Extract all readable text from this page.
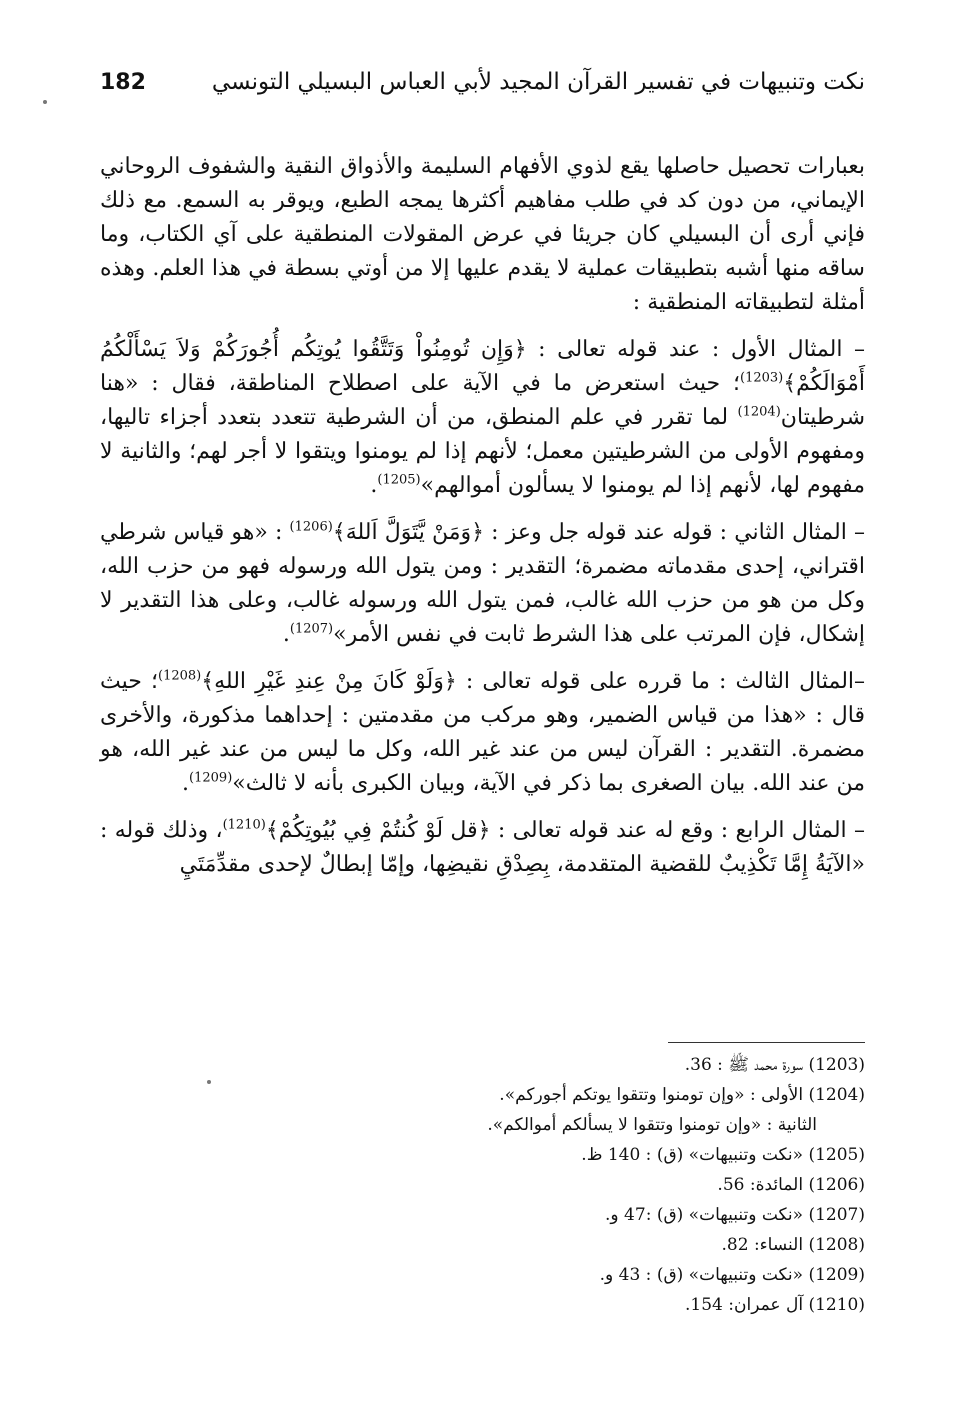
نكت وتنبيهات في تفسير القرآن المجيد لأبي العباس البسيلي التونسي
182

بعبارات تحصيل حاصلها يقع لذوي الأفهام السليمة والأذواق النقية والشفوف الروحاني الإيماني، من دون كد في طلب مفاهيم أكثرها يمجه الطبع، ويوقر به السمع. مع ذلك فإني أرى أن البسيلي كان جريئا في عرض المقولات المنطقية على آي الكتاب، وما ساقه منها أشبه بتطبيقات عملية لا يقدم عليها إلا من أوتي بسطة في هذا العلم. وهذه أمثلة لتطبيقاته المنطقية :

– المثال الأول : عند قوله تعالى : ﴿وَإِن تُومِنُواْ وَتَتَّقُوا يُوتِكُم أُجُورَكُمْ وَلاَ يَسْأَلْكُمُ أَمْوَالَكُمْ﴾$^{(1203)}$؛ حيث استعرض ما في الآية على اصطلاح المناطقة، فقال : «هنا شرطيتان$^{(1204)}$ لما تقرر في علم المنطق، من أن الشرطية تتعدد بتعدد أجزاء تاليها، ومفهوم الأولى من الشرطيتين معمل؛ لأنهم إذا لم يومنوا ويتقوا لا أجر لهم؛ والثانية لا مفهوم لها، لأنهم إذا لم يومنوا لا يسألون أموالهم»$^{(1205)}$.

– المثال الثاني : قوله عند قوله جل وعز : ﴿وَمَنْ يَّتَوَلَّ اَللهَ﴾$^{(1206)}$ : «هو قياس شرطي اقتراني، إحدى مقدماته مضمرة؛ التقدير : ومن يتول الله ورسوله فهو من حزب الله، وكل من هو من حزب الله غالب، فمن يتول الله ورسوله غالب، وعلى هذا التقدير لا إشكال، فإن المرتب على هذا الشرط ثابت في نفس الأمر»$^{(1207)}$.

–المثال الثالث : ما قرره على قوله تعالى : ﴿وَلَوْ كَانَ مِنْ عِندِ غَيْرِ اللهِ﴾$^{(1208)}$؛ حيث قال : «هذا من قياس الضمير، وهو مركب من مقدمتين : إحداهما مذكورة، والأخرى مضمرة. التقدير : القرآن ليس من عند غير الله، وكل ما ليس من عند غير الله، هو من عند الله. بيان الصغرى بما ذكر في الآية، وبيان الكبرى بأنه لا ثالث»$^{(1209)}$.

– المثال الرابع : وقع له عند قوله تعالى : ﴿قل لَوْ كُنتُمْ فِي بُيُوتِكُمْ﴾$^{(1210)}$، وذلك قوله : «الآيَةُ إِمَّا تَكْذِيبٌ للقضية المتقدمة، بِصِدْقِ نقيضِها، وإمّا إبطالٌ لإحدى مقدِّمَتَيِ

(1203) سورة محمد ﷺ : 36.
(1204) الأولى : «وإن تومنوا وتتقوا يوتكم أجوركم».
الثانية : «وإن تومنوا وتتقوا لا يسألكم أموالكم».
(1205) «نكت وتنبيهات» (ق) : 140 ظ.
(1206) المائدة: 56.
(1207) «نكت وتنبيهات» (ق) :47 و.
(1208) النساء: 82.
(1209) «نكت وتنبيهات» (ق) : 43 و.
(1210) آل عمران: 154.
